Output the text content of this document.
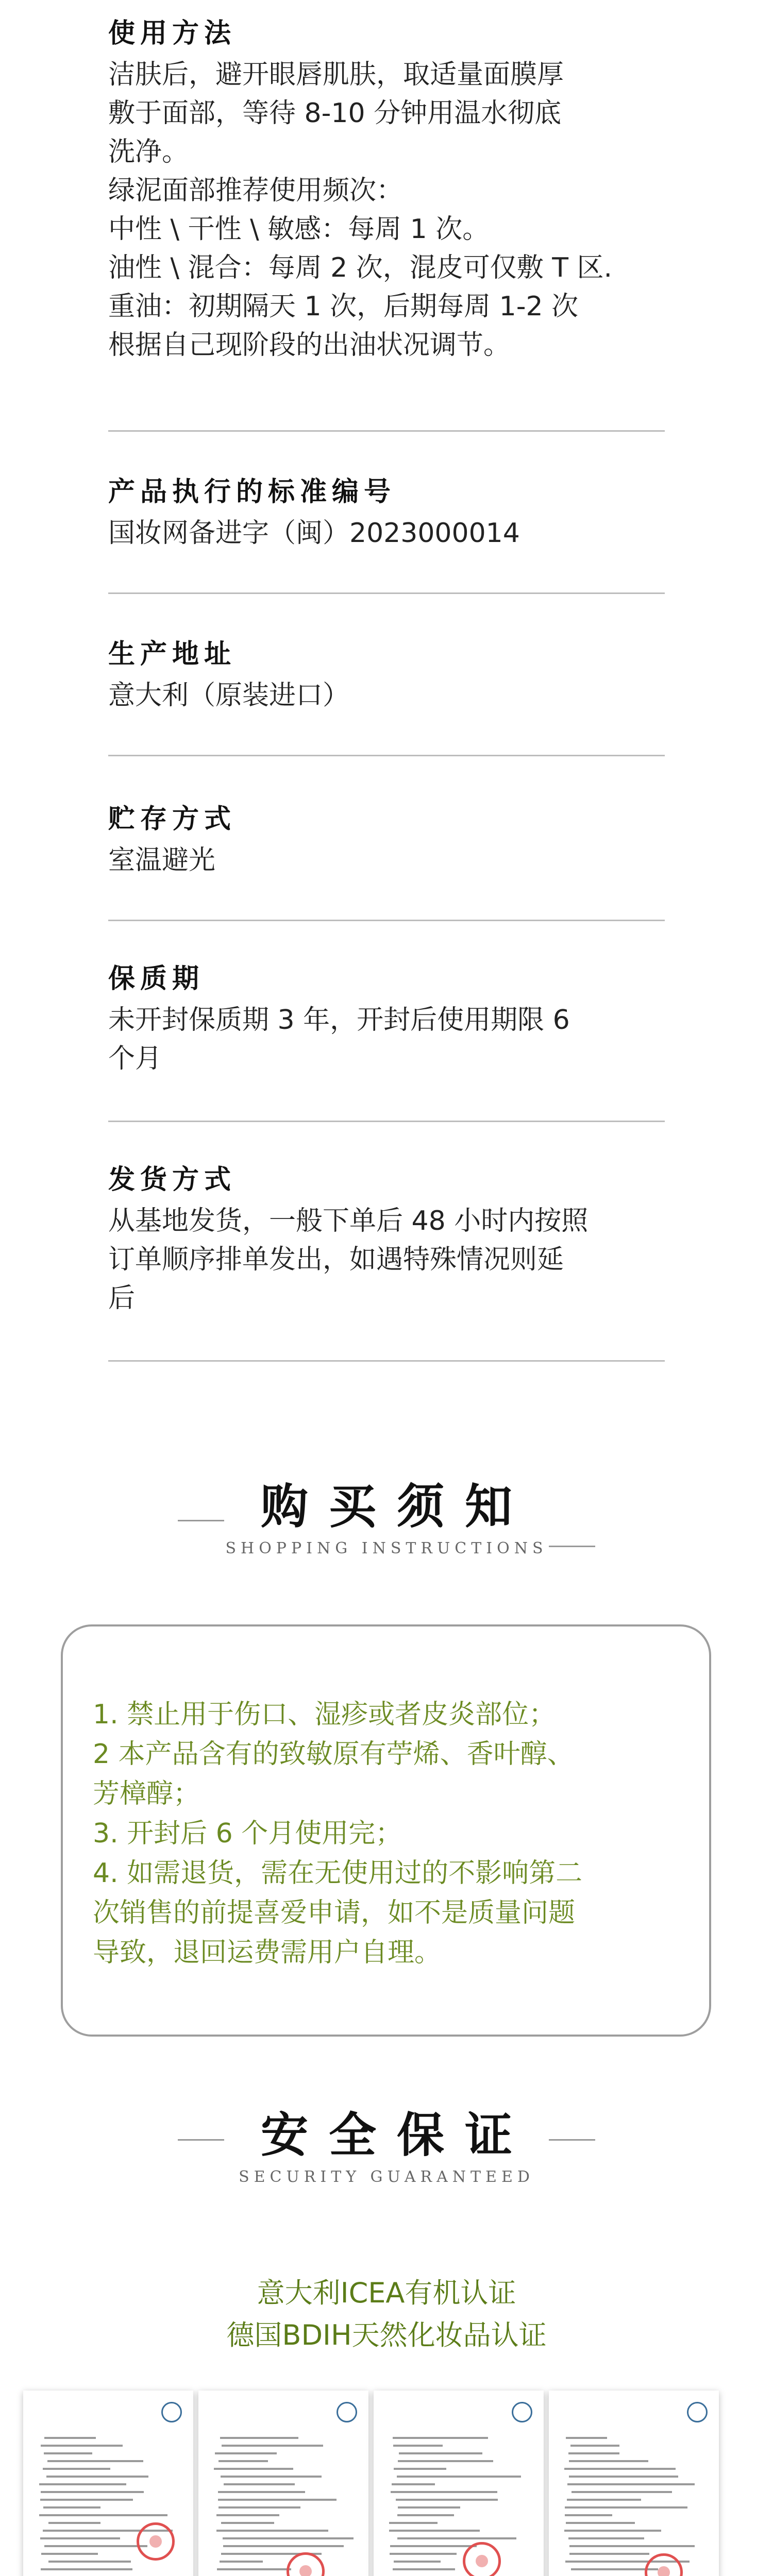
使用方法

洁肤后，避开眼唇肌肤，取适量面膜厚

敷于面部，等待 8-10 分钟用温水彻底

洗净。

绿泥面部推荐使用频次：

中性 \ 干性 \ 敏感：每周 1 次。

油性 \ 混合：每周 2 次，混皮可仅敷 T 区.

重油：初期隔天 1 次，后期每周 1-2 次

根据自己现阶段的出油状况调节。

产品执行的标准编号

国妆网备进字（闽）2023000014

生产地址

意大利（原装进口）

贮存方式

室温避光

保质期

未开封保质期 3 年，开封后使用期限 6

个月

发货方式

从基地发货，一般下单后 48 小时内按照

订单顺序排单发出，如遇特殊情况则延

后

购买须知
SHOPPING INSTRUCTIONS
1. 禁止用于伤口、湿疹或者皮炎部位；
2 本产品含有的致敏原有苧烯、香叶醇、
芳樟醇；
3. 开封后 6 个月使用完；
4. 如需退货，需在无使用过的不影响第二
次销售的前提喜爱申请，如不是质量问题
导致，退回运费需用户自理。
安全保证
SECURITY GUARANTEED
意大利ICEA有机认证
德国BDIH天然化妆品认证
